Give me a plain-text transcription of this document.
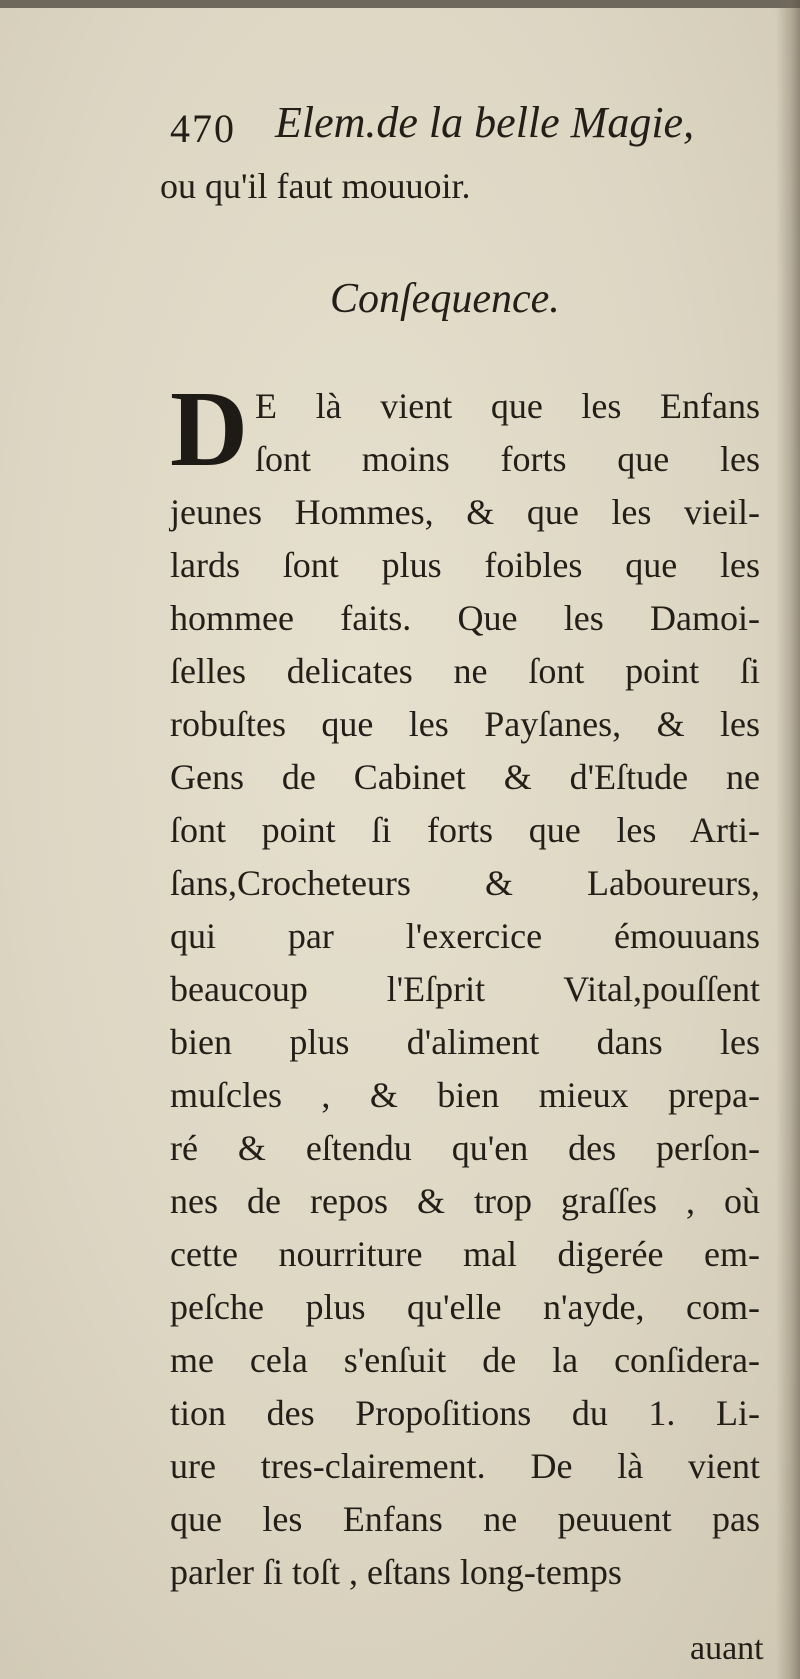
470 Elem.de la belle Magie,
ou qu'il faut mouuoir.
Conſequence.
D E là vient que les Enfans
ſont moins forts que les
jeunes Hommes, & que les vieil-
lards ſont plus foibles que les
hommee faits. Que les Damoi-
ſelles delicates ne ſont point ſi
robuſtes que les Payſanes, & les
Gens de Cabinet & d'Eſtude ne
ſont point ſi forts que les Arti-
ſans,Crocheteurs & Laboureurs,
qui par l'exercice émouuans
beaucoup l'Eſprit Vital,pouſſent
bien plus d'aliment dans les
muſcles , & bien mieux prepa-
ré & eſtendu qu'en des perſon-
nes de repos & trop graſſes , où
cette nourriture mal digerée em-
peſche plus qu'elle n'ayde, com-
me cela s'enſuit de la conſidera-
tion des Propoſitions du 1. Li-
ure tres-clairement. De là vient
que les Enfans ne peuuent pas
parler ſi toſt , eſtans long-temps
auant
